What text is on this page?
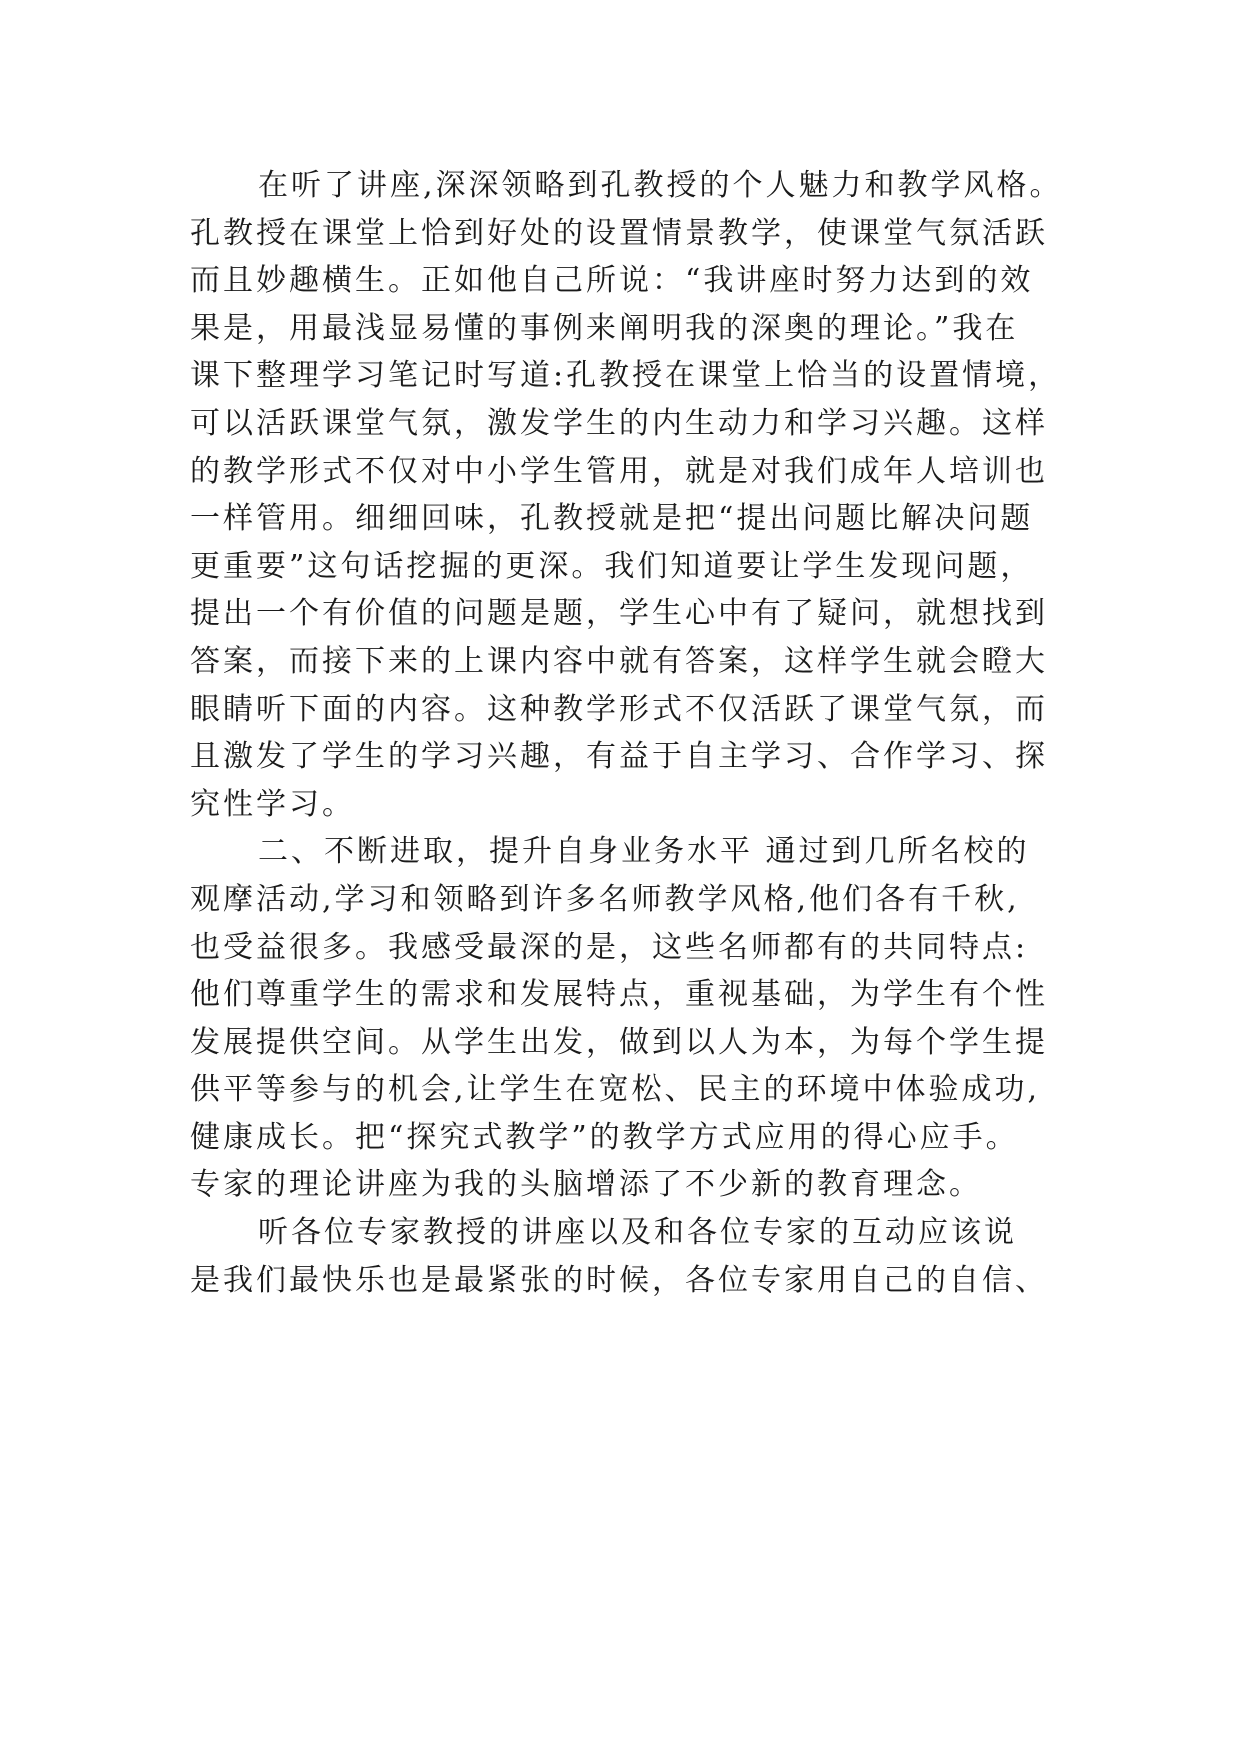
在听了讲座,深深领略到孔教授的个人魅力和教学风格。
孔教授在课堂上恰到好处的设置情景教学，使课堂气氛活跃
而且妙趣横生。正如他自己所说：“我讲座时努力达到的效
果是，用最浅显易懂的事例来阐明我的深奥的理论。”我在
课下整理学习笔记时写道:孔教授在课堂上恰当的设置情境，
可以活跃课堂气氛，激发学生的内生动力和学习兴趣。这样
的教学形式不仅对中小学生管用，就是对我们成年人培训也
一样管用。细细回味，孔教授就是把“提出问题比解决问题
更重要”这句话挖掘的更深。我们知道要让学生发现问题，
提出一个有价值的问题是题，学生心中有了疑问，就想找到
答案，而接下来的上课内容中就有答案，这样学生就会瞪大
眼睛听下面的内容。这种教学形式不仅活跃了课堂气氛，而
且激发了学生的学习兴趣，有益于自主学习、合作学习、探
究性学习。
二、不断进取，提升自身业务水平 通过到几所名校的
观摩活动,学习和领略到许多名师教学风格,他们各有千秋,
也受益很多。我感受最深的是，这些名师都有的共同特点:
他们尊重学生的需求和发展特点，重视基础，为学生有个性
发展提供空间。从学生出发，做到以人为本，为每个学生提
供平等参与的机会,让学生在宽松、民主的环境中体验成功,
健康成长。把“探究式教学”的教学方式应用的得心应手。
专家的理论讲座为我的头脑增添了不少新的教育理念。
听各位专家教授的讲座以及和各位专家的互动应该说
是我们最快乐也是最紧张的时候，各位专家用自己的自信、
